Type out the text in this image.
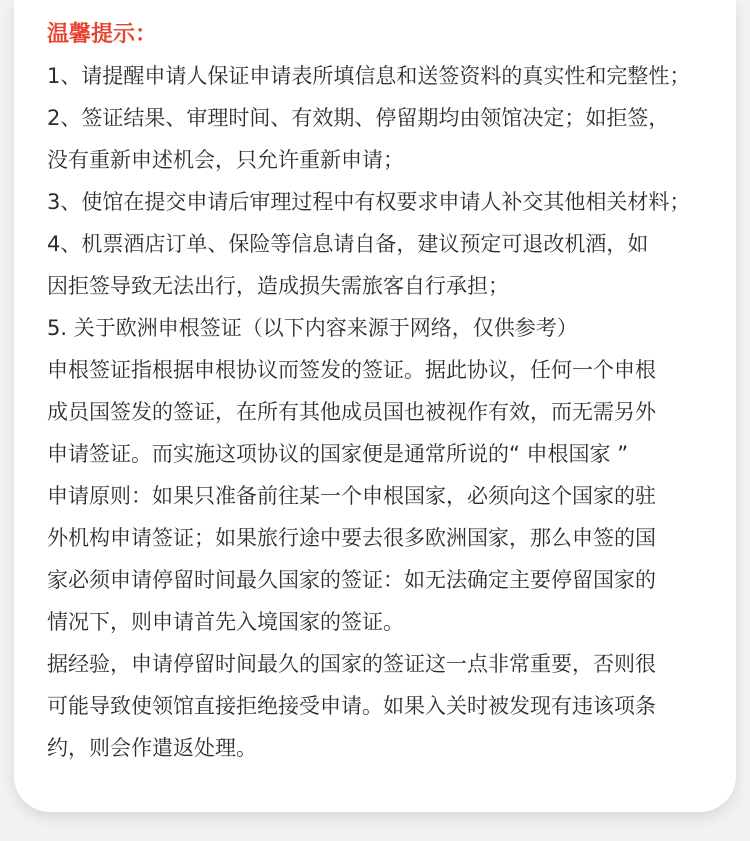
温馨提示：
1、请提醒申请人保证申请表所填信息和送签资料的真实性和完整性；
2、签证结果、审理时间、有效期、停留期均由领馆决定；如拒签，
没有重新申述机会，只允许重新申请；
3、使馆在提交申请后审理过程中有权要求申请人补交其他相关材料；
4、机票酒店订单、保险等信息请自备，建议预定可退改机酒，如
因拒签导致无法出行，造成损失需旅客自行承担；
5. 关于欧洲申根签证（以下内容来源于网络，仅供参考）
申根签证指根据申根协议而签发的签证。据此协议，任何一个申根
成员国签发的签证，在所有其他成员国也被视作有效，而无需另外
申请签证。而实施这项协议的国家便是通常所说的“ 申根国家 ”
申请原则：如果只准备前往某一个申根国家，必须向这个国家的驻
外机构申请签证；如果旅行途中要去很多欧洲国家，那么申签的国
家必须申请停留时间最久国家的签证：如无法确定主要停留国家的
情况下，则申请首先入境国家的签证。
据经验，申请停留时间最久的国家的签证这一点非常重要，否则很
可能导致使领馆直接拒绝接受申请。如果入关时被发现有违该项条
约，则会作遣返处理。
